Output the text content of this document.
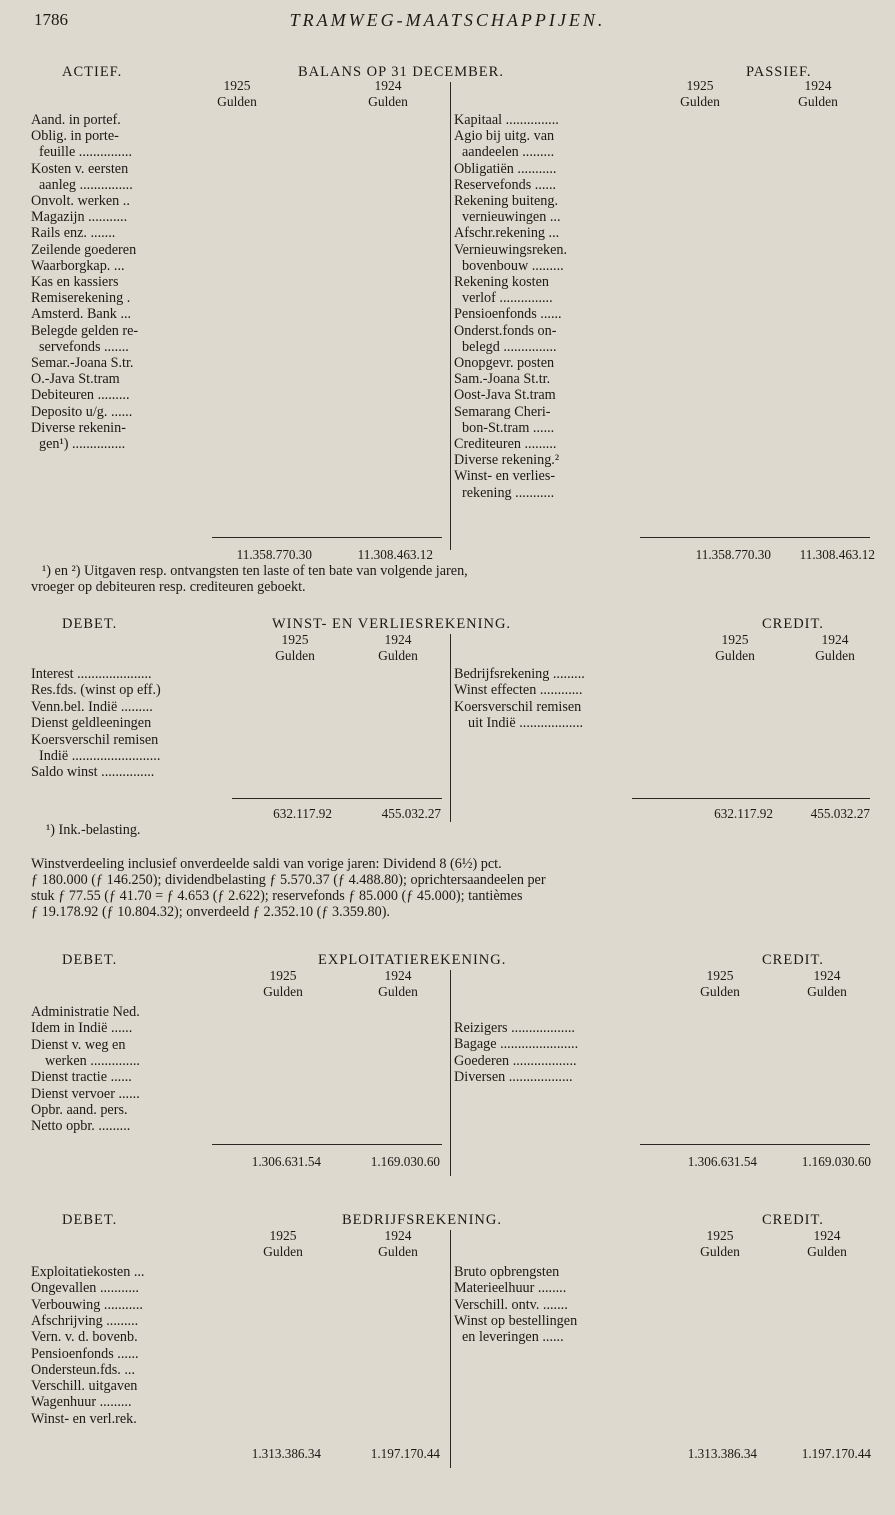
1786	TRAMWEG-MAATSCHAPPIJEN.
ACTIEF.	BALANS OP 31 DECEMBER.	PASSIEF.
1925	1924
Gulden	Gulden
1925	1924
Gulden	Gulden
Aand. in portef.
Oblig. in porte-
feuille ...............
Kosten v. eersten
aanleg ...............
Onvolt. werken ..
Magazijn ...........
Rails enz. .......
Zeilende goederen
Waarborgkap. ...
Kas en kassiers
Remiserekening .
Amsterd. Bank ...
Belegde gelden re-
servefonds .......
Semar.-Joana S.tr.
O.-Java St.tram
Debiteuren .........
Deposito u/g. ......
Diverse rekenin-
gen¹) ...............
Kapitaal ...............
Agio bij uitg. van
aandeelen .........
Obligatiën ...........
Reservefonds ......
Rekening buiteng.
vernieuwingen ...
Afschr.rekening ...
Vernieuwingsreken.
bovenbouw .........
Rekening kosten
verlof ...............
Pensioenfonds ......
Onderst.fonds on-
belegd ...............
Onopgevr. posten
Sam.-Joana St.tr.
Oost-Java St.tram
Semarang Cheri-
bon-St.tram ......
Crediteuren .........
Diverse rekening.²
Winst- en verlies-
rekening ...........
11.358.770.30	11.308.463.12	11.358.770.30 11.308.463.12
¹) en ²) Uitgaven resp. ontvangsten ten laste of ten bate van volgende jaren,
vroeger op debiteuren resp. crediteuren geboekt.
DEBET.	WINST- EN VERLIESREKENING.	CREDIT.
1925	1924
Gulden	Gulden
1925	1924
Gulden	Gulden
Interest .....................
Res.fds. (winst op eff.)
Venn.bel. Indië .........
Dienst geldleeningen
Koersverschil remisen
Indië .........................
Saldo winst ...............
Bedrijfsrekening .........
Winst effecten ............
Koersverschil remisen
uit Indië ..................
632.117.92	455.032.27	632.117.92	455.032.27
¹) Ink.-belasting.
Winstverdeeling inclusief onverdeelde saldi van vorige jaren: Dividend 8 (6½) pct.
ƒ 180.000 (ƒ 146.250); dividendbelasting ƒ 5.570.37 (ƒ 4.488.80); oprichtersaandeelen per
stuk ƒ 77.55 (ƒ 41.70 = ƒ 4.653 (ƒ 2.622); reservefonds ƒ 85.000 (ƒ 45.000); tantièmes
ƒ 19.178.92 (ƒ 10.804.32); onverdeeld ƒ 2.352.10 (ƒ 3.359.80).
DEBET.	EXPLOITATIEREKENING.	CREDIT.
1925	1924
Gulden	Gulden
1925	1924
Gulden	Gulden
Administratie Ned.
Idem in Indië ......
Dienst v. weg en
werken ..............
Dienst tractie ......
Dienst vervoer ......
Opbr. aand. pers.
Netto opbr. .........
Reizigers ..................
Bagage ......................
Goederen ..................
Diversen ..................
1.306.631.54	1.169.030.60	1.306.631.54	1.169.030.60
DEBET.	BEDRIJFSREKENING.	CREDIT.
1925	1924
Gulden	Gulden
1925	1924
Gulden	Gulden
Exploitatiekosten ...
Ongevallen ...........
Verbouwing ...........
Afschrijving .........
Vern. v. d. bovenb.
Pensioenfonds ......
Ondersteun.fds. ...
Verschill. uitgaven
Wagenhuur .........
Winst- en verl.rek.
Bruto opbrengsten
Materieelhuur ........
Verschill. ontv. .......
Winst op bestellingen
en leveringen ......
1.313.386.34	1.197.170.44	1.313.386.34	1.197.170.44
